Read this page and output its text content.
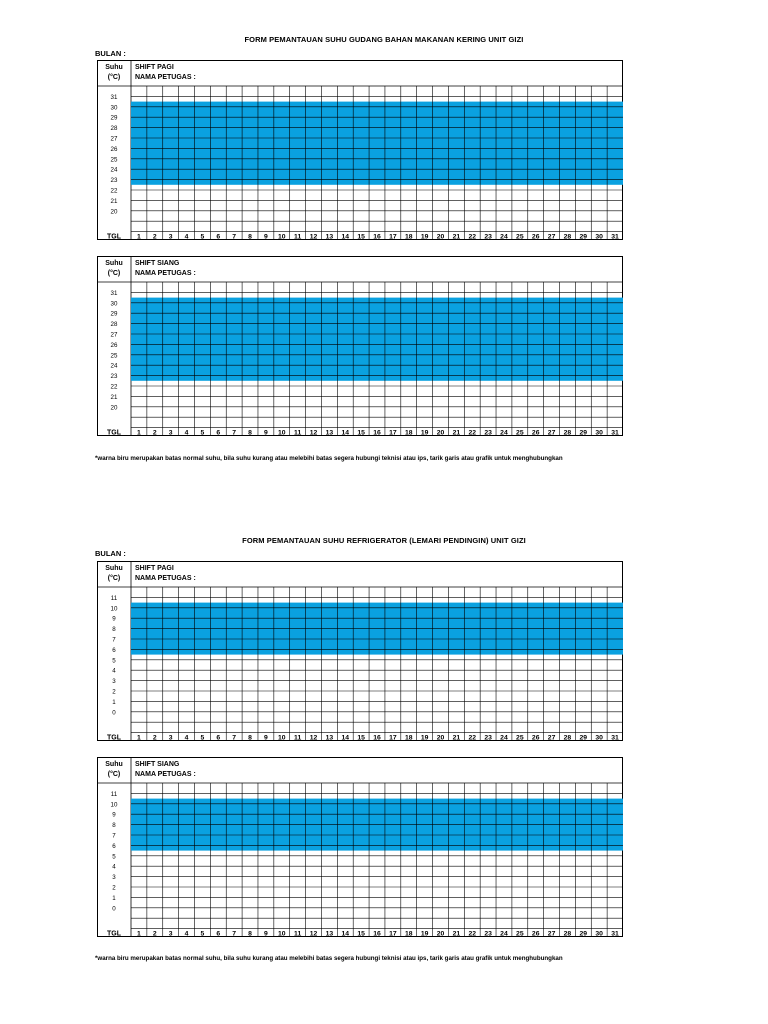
FORM PEMANTAUAN SUHU GUDANG BAHAN MAKANAN KERING UNIT GIZI
BULAN :
Suhu
(°C)
SHIFT PAGI
NAMA PETUGAS :
31
30
29
28
27
26
25
24
23
22
21
20
TGL 1 2 3 4 5 6 7 8 9 10 11 12 13 14 15 16 17 18 19 20 21 22 23 24 25 26 27 28 29 30 31
Suhu
(°C)
SHIFT SIANG
NAMA PETUGAS :
31
30
29
28
27
26
25
24
23
22
21
20
TGL 1 2 3 4 5 6 7 8 9 10 11 12 13 14 15 16 17 18 19 20 21 22 23 24 25 26 27 28 29 30 31
*warna biru merupakan batas normal suhu, bila suhu kurang atau melebihi batas segera hubungi teknisi atau ips, tarik garis atau grafik untuk menghubungkan
FORM PEMANTAUAN SUHU REFRIGERATOR (LEMARI PENDINGIN) UNIT GIZI
BULAN :
Suhu
(°C)
SHIFT PAGI
NAMA PETUGAS :
11
10
9
8
7
6
5
4
3
2
1
0
TGL 1 2 3 4 5 6 7 8 9 10 11 12 13 14 15 16 17 18 19 20 21 22 23 24 25 26 27 28 29 30 31
Suhu
(°C)
SHIFT SIANG
NAMA PETUGAS :
11
10
9
8
7
6
5
4
3
2
1
0
TGL 1 2 3 4 5 6 7 8 9 10 11 12 13 14 15 16 17 18 19 20 21 22 23 24 25 26 27 28 29 30 31
*warna biru merupakan batas normal suhu, bila suhu kurang atau melebihi batas segera hubungi teknisi atau ips, tarik garis atau grafik untuk menghubungkan
